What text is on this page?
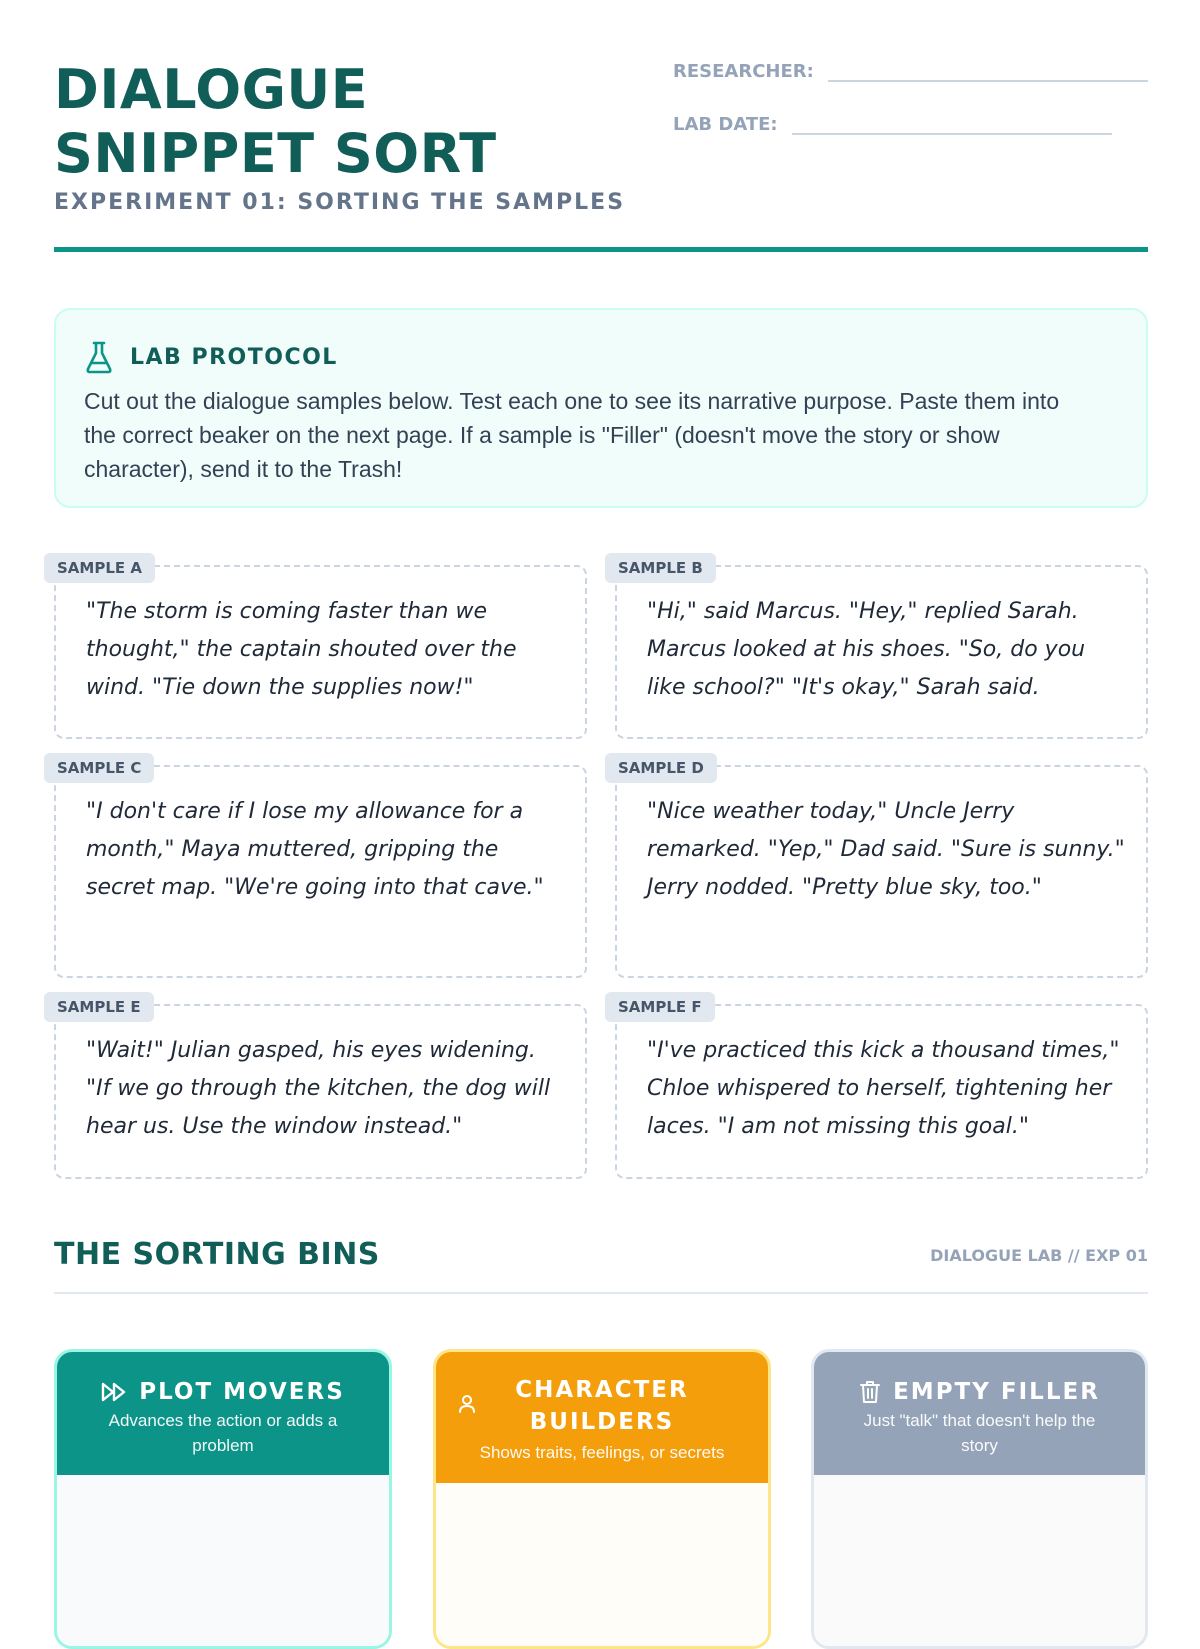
DIALOGUE
SNIPPET SORT
EXPERIMENT 01: SORTING THE SAMPLES
RESEARCHER:
LAB DATE:
LAB PROTOCOL

Cut out the dialogue samples below. Test each one to see its narrative purpose. Paste them into the correct beaker on the next page. If a sample is "Filler" (doesn't move the story or show character), send it to the Trash!

SAMPLE A

"The storm is coming faster than we thought," the captain shouted over the wind. "Tie down the supplies now!"

SAMPLE B

"Hi," said Marcus. "Hey," replied Sarah. Marcus looked at his shoes. "So, do you like school?" "It's okay," Sarah said.

SAMPLE C

"I don't care if I lose my allowance for a month," Maya muttered, gripping the secret map. "We're going into that cave."

SAMPLE D

"Nice weather today," Uncle Jerry remarked. "Yep," Dad said. "Sure is sunny." Jerry nodded. "Pretty blue sky, too."

SAMPLE E

"Wait!" Julian gasped, his eyes widening. "If we go through the kitchen, the dog will hear us. Use the window instead."

SAMPLE F

"I've practiced this kick a thousand times," Chloe whispered to herself, tightening her laces. "I am not missing this goal."

THE SORTING BINS	DIALOGUE LAB // EXP 01
PLOT MOVERS
Advances the action or adds a problem
CHARACTER BUILDERS
Shows traits, feelings, or secrets
EMPTY FILLER
Just "talk" that doesn't help the story
